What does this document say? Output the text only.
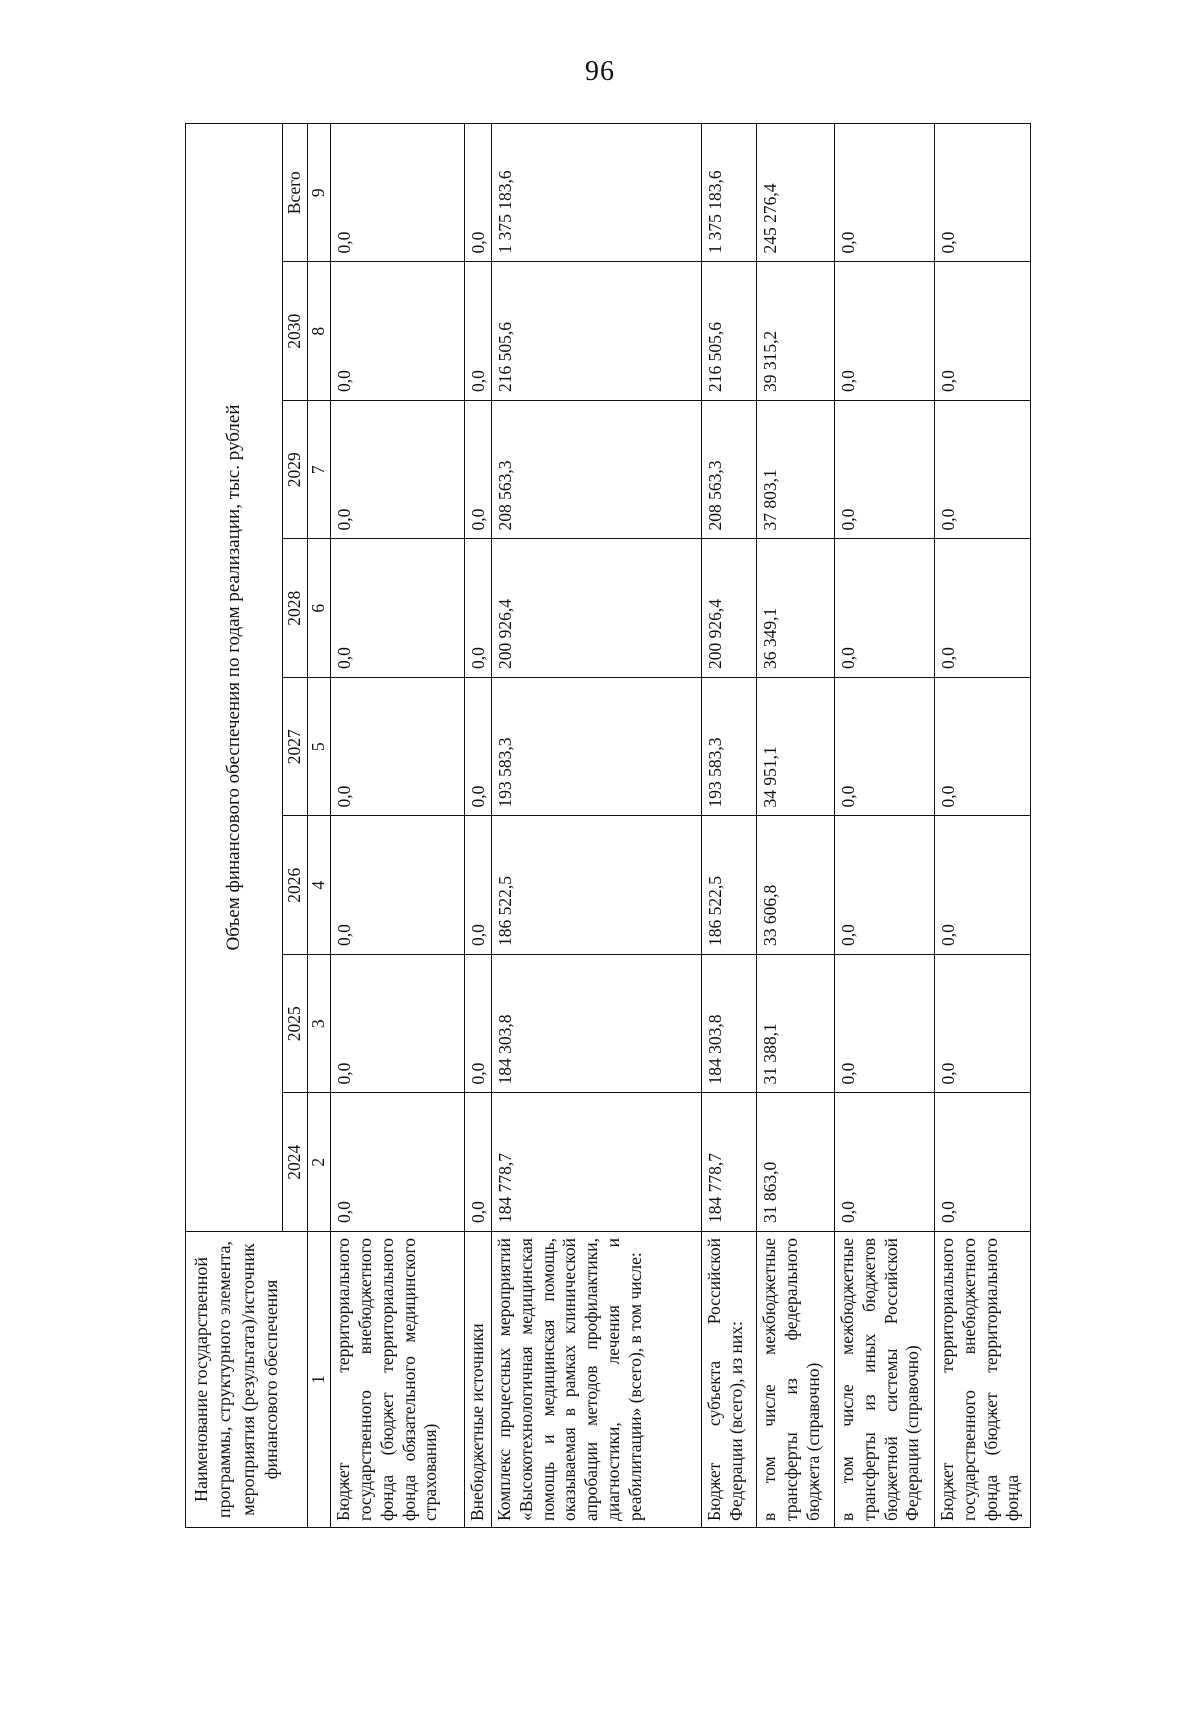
96
Наименование государственной программы, структурного элемента, мероприятия (результата)/источник финансового обеспечения	Объем финансового обеспечения по годам реализации, тыс. рублей							
	2024	2025	2026	2027	2028	2029	2030	Всего
1	2	3	4	5	6	7	8	9
Бюджет территориального государственного внебюджетного фонда (бюджет территориального фонда обязательного медицинского страхования)	0,0	0,0	0,0	0,0	0,0	0,0	0,0	0,0
Внебюджетные источники	0,0	0,0	0,0	0,0	0,0	0,0	0,0	0,0
Комплекс процессных мероприятий «Высокотехнологичная медицинская помощь и медицинская помощь, оказываемая в рамках клинической апробации методов профилактики, диагностики, лечения и реабилитации» (всего), в том числе:	184 778,7	184 303,8	186 522,5	193 583,3	200 926,4	208 563,3	216 505,6	1 375 183,6
Бюджет субъекта Российской Федерации (всего), из них:	184 778,7	184 303,8	186 522,5	193 583,3	200 926,4	208 563,3	216 505,6	1 375 183,6
в том числе межбюджетные трансферты из федерального бюджета (справочно)	31 863,0	31 388,1	33 606,8	34 951,1	36 349,1	37 803,1	39 315,2	245 276,4
в том числе межбюджетные трансферты из иных бюджетов бюджетной системы Российской Федерации (справочно)	0,0	0,0	0,0	0,0	0,0	0,0	0,0	0,0
Бюджет территориального государственного внебюджетного фонда (бюджет территориального фонда	0,0	0,0	0,0	0,0	0,0	0,0	0,0	0,0
